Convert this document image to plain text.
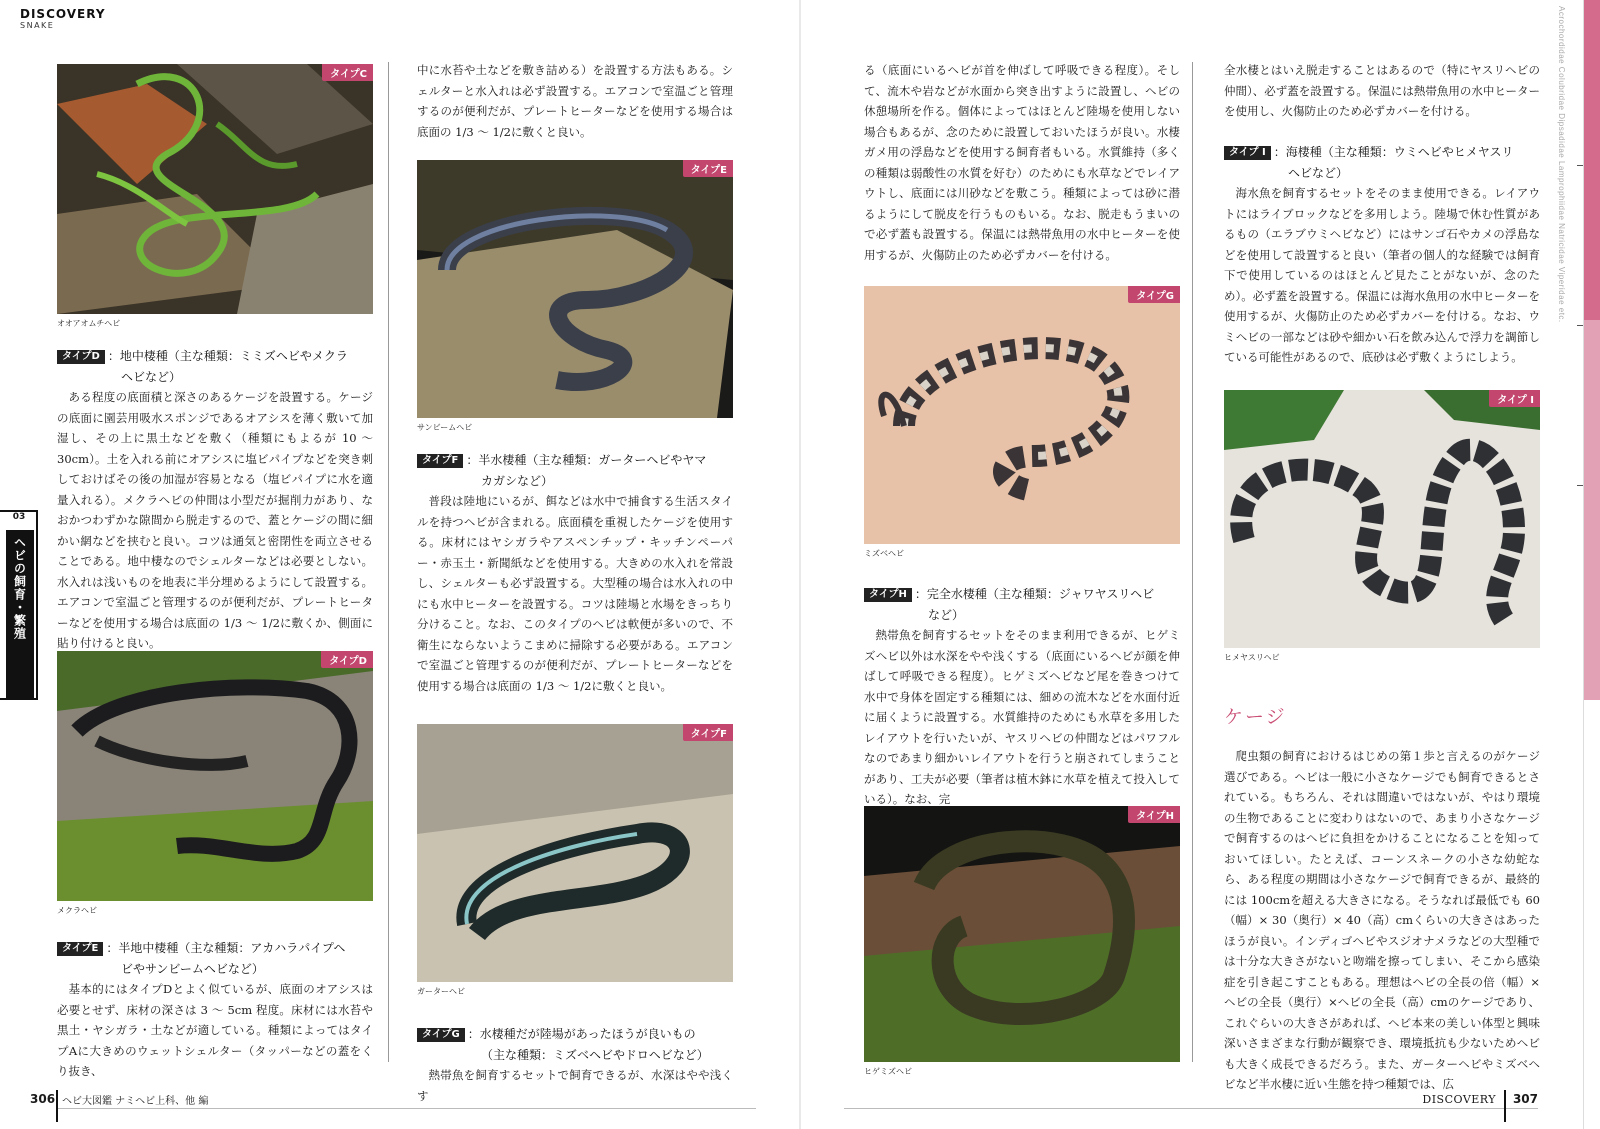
DISCOVERY
SNAKE	Acrochordidae Colubridae Dipsadidae Lamprophiidae Natricidae Viperidae etc.
03
ヘビの飼育・繁殖
タイプC
オオアオムチヘビ
タイプD ：地中棲種（主な種類：ミミズヘビやメクラ
ヘビなど）

ある程度の底面積と深さのあるケージを設置する。ケージの底面に園芸用吸水スポンジであるオアシスを薄く敷いて加湿し、その上に黒土などを敷く（種類にもよるが 10 ～ 30cm）。土を入れる前にオアシスに塩ビパイプなどを突き刺しておけばその後の加湿が容易となる（塩ビパイプに水を適量入れる）。メクラヘビの仲間は小型だが掘削力があり、なおかつわずかな隙間から脱走するので、蓋とケージの間に細かい網などを挟むと良い。コツは通気と密閉性を両立させることである。地中棲なのでシェルターなどは必要としない。水入れは浅いものを地表に半分埋めるようにして設置する。エアコンで室温ごと管理するのが便利だが、プレートヒーターなどを使用する場合は底面の 1/3 ～ 1/2に敷くか、側面に貼り付けると良い。

タイプD
メクラヘビ
タイプE ：半地中棲種（主な種類：アカハラパイプヘ
ビやサンビームヘビなど）

基本的にはタイプDとよく似ているが、底面のオアシスは必要とせず、床材の深さは 3 ～ 5cm 程度。床材には水苔や黒土・ヤシガラ・土などが適している。種類によってはタイプAに大きめのウェットシェルター（タッパーなどの蓋をくり抜き、

中に水苔や土などを敷き詰める）を設置する方法もある。シェルターと水入れは必ず設置する。エアコンで室温ごと管理するのが便利だが、プレートヒーターなどを使用する場合は底面の 1/3 ～ 1/2に敷くと良い。

タイプE
サンビームヘビ
タイプF ：半水棲種（主な種類：ガーターヘビやヤマ
カガシなど）

普段は陸地にいるが、餌などは水中で捕食する生活スタイルを持つヘビが含まれる。底面積を重視したケージを使用する。床材にはヤシガラやアスペンチップ・キッチンペーパー・赤玉土・新聞紙などを使用する。大きめの水入れを常設し、シェルターも必ず設置する。大型種の場合は水入れの中にも水中ヒーターを設置する。コツは陸場と水場をきっちり分けること。なお、このタイプのヘビは軟便が多いので、不衛生にならないようこまめに掃除する必要がある。エアコンで室温ごと管理するのが便利だが、プレートヒーターなどを使用する場合は底面の 1/3 ～ 1/2に敷くと良い。

タイプF
ガーターヘビ
タイプG ：水棲種だが陸場があったほうが良いもの
（主な種類：ミズベヘビやドロヘビなど）

熱帯魚を飼育するセットで飼育できるが、水深はやや浅くす

る（底面にいるヘビが首を伸ばして呼吸できる程度）。そして、流木や岩などが水面から突き出すように設置し、ヘビの休憩場所を作る。個体によってはほとんど陸場を使用しない場合もあるが、念のために設置しておいたほうが良い。水棲ガメ用の浮島などを使用する飼育者もいる。水質維持（多くの種類は弱酸性の水質を好む）のためにも水草などでレイアウトし、底面には川砂などを敷こう。種類によっては砂に潜るようにして脱皮を行うものもいる。なお、脱走もうまいので必ず蓋も設置する。保温には熱帯魚用の水中ヒーターを使用するが、火傷防止のため必ずカバーを付ける。

タイプG
ミズベヘビ
タイプH ：完全水棲種（主な種類：ジャワヤスリヘビ
など）

熱帯魚を飼育するセットをそのまま利用できるが、ヒゲミズヘビ以外は水深をやや浅くする（底面にいるヘビが顔を伸ばして呼吸できる程度）。ヒゲミズヘビなど尾を巻きつけて水中で身体を固定する種類には、細めの流木などを水面付近に届くように設置する。水質維持のためにも水草を多用したレイアウトを行いたいが、ヤスリヘビの仲間などはパワフルなのであまり細かいレイアウトを行うと崩されてしまうことがあり、工夫が必要（筆者は植木鉢に水草を植えて投入している）。なお、完

タイプH
ヒゲミズヘビ

全水棲とはいえ脱走することはあるので（特にヤスリヘビの仲間）、必ず蓋を設置する。保温には熱帯魚用の水中ヒーターを使用し、火傷防止のため必ずカバーを付ける。

タイプ I ：海棲種（主な種類：ウミヘビやヒメヤスリ
ヘビなど）

海水魚を飼育するセットをそのまま使用できる。レイアウトにはライブロックなどを多用しよう。陸場で休む性質があるもの（エラブウミヘビなど）にはサンゴ石やカメの浮島などを使用して設置すると良い（筆者の個人的な経験では飼育下で使用しているのはほとんど見たことがないが、念のため）。必ず蓋を設置する。保温には海水魚用の水中ヒーターを使用するが、火傷防止のため必ずカバーを付ける。なお、ウミヘビの一部などは砂や細かい石を飲み込んで浮力を調節している可能性があるので、底砂は必ず敷くようにしよう。

タイプ I
ヒメヤスリヘビ
ケージ

爬虫類の飼育におけるはじめの第１歩と言えるのがケージ選びである。ヘビは一般に小さなケージでも飼育できるとされている。もちろん、それは間違いではないが、やはり環境の生物であることに変わりはないので、あまり小さなケージで飼育するのはヘビに負担をかけることになることを知っておいてほしい。たとえば、コーンスネークの小さな幼蛇なら、ある程度の期間は小さなケージで飼育できるが、最終的には 100cmを超える大きさになる。そうなれば最低でも 60（幅）× 30（奥行）× 40（高）cmくらいの大きさはあったほうが良い。インディゴヘビやスジオナメラなどの大型種では十分な大きさがないと吻端を擦ってしまい、そこから感染症を引き起こすこともある。理想はヘビの全長の倍（幅）×ヘビの全長（奥行）×ヘビの全長（高）cmのケージであり、これぐらいの大きさがあれば、ヘビ本来の美しい体型と興味深いさまざまな行動が観察でき、環境抵抗も少ないためヘビも大きく成長できるだろう。また、ガーターヘビやミズベヘビなど半水棲に近い生態を持つ種類では、広

306 ヘビ大図鑑 ナミヘビ上科、他 編	DISCOVERY 307
